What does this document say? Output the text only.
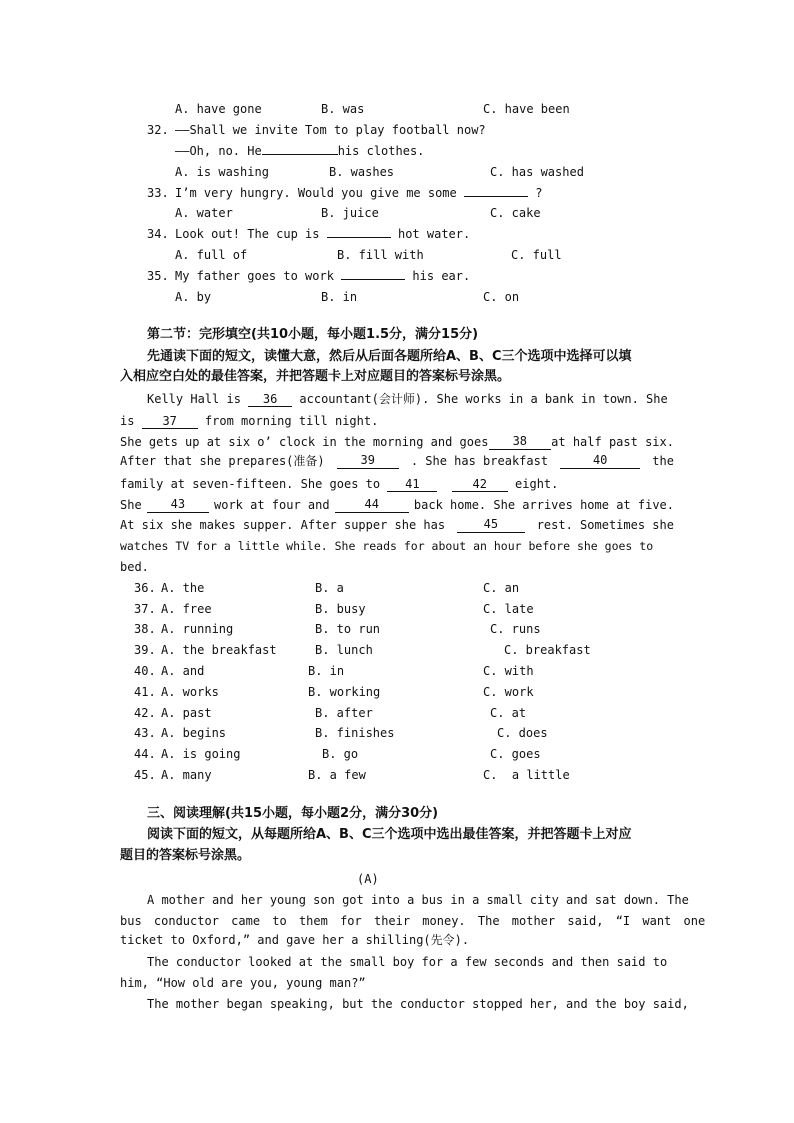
A. have gone	B. was	C. have been
32. ——Shall we invite Tom to play football now?
——Oh, no. He	his clothes.
A. is washing	B. washes	C. has washed
33. I’m very hungry. Would you give me some	?
A. water	B. juice	C. cake
34. Look out! The cup is	hot water.
A. full of	B. fill with	C. full
35. My father goes to work	his ear.
A. by	B. in	C. on
第二节：完形填空(共10小题，每小题1.5分，满分15分)
先通读下面的短文，读懂大意，然后从后面各题所给A、B、C三个选项中选择可以填
入相应空白处的最佳答案，并把答题卡上对应题目的答案标号涂黑。
Kelly Hall is 36 accountant(会计师). She works in a bank in town. She
is 37 from morning till night.
She gets up at six o’ clock in the morning and goes	38	at half past six.
After that she prepares(准备)	39	. She has breakfast	40	the
family at seven-fifteen. She goes to 41	42 eight.
She	43	work at four and	44	back home. She arrives home at five.
At six she makes supper. After supper she has	45	rest. Sometimes she
watches TV for a little while. She reads for about an hour before she goes to
bed.
36. A. the	B. a	C. an
37. A. free	B. busy	C. late
38. A. running	B. to run	C. runs
39. A. the breakfast	B. lunch	C. breakfast
40. A. and	B. in	C. with
41. A. works	B. working	C. work
42. A. past	B. after	C. at
43. A. begins	B. finishes	C. does
44. A. is going	B. go	C. goes
45. A. many	B. a few	C.  a little
三、阅读理解(共15小题，每小题2分，满分30分)
阅读下面的短文，从每题所给A、B、C三个选项中选出最佳答案，并把答题卡上对应
题目的答案标号涂黑。
(A)
A mother and her young son got into a bus in a small city and sat down. The
bus conductor came to them for their money. The mother said, “I want one
ticket to Oxford,” and gave her a shilling(先令).
The conductor looked at the small boy for a few seconds and then said to
him, “How old are you, young man?”
The mother began speaking, but the conductor stopped her, and the boy said,
